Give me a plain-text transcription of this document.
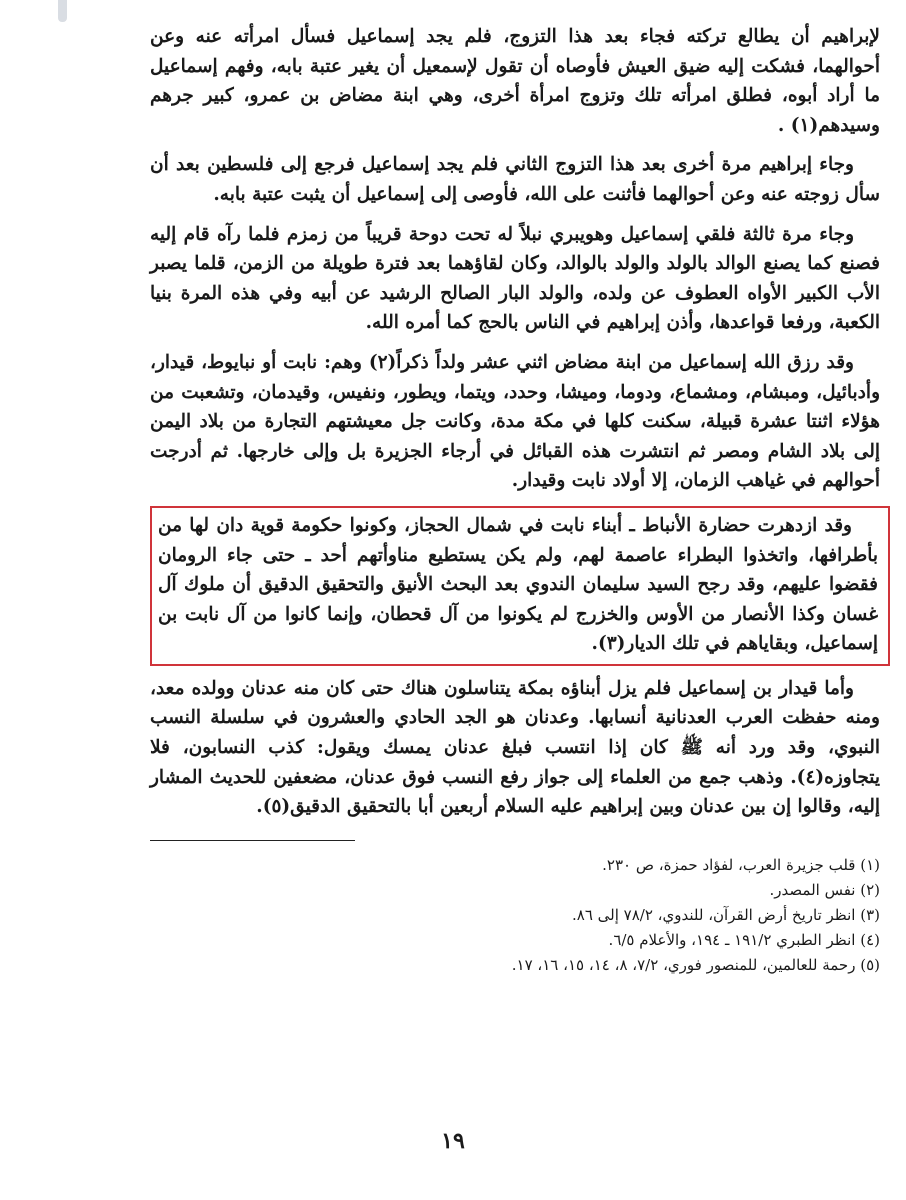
لإبراهيم أن يطالع تركته فجاء بعد هذا التزوج، فلم يجد إسماعيل فسأل امرأته عنه وعن أحوالهما، فشكت إليه ضيق العيش فأوصاه أن تقول لإسمعيل أن يغير عتبة بابه، وفهم إسماعيل ما أراد أبوه، فطلق امرأته تلك وتزوج امرأة أخرى، وهي ابنة مضاض بن عمرو، كبير جرهم وسيدهم(١) .

وجاء إبراهيم مرة أخرى بعد هذا التزوج الثاني فلم يجد إسماعيل فرجع إلى فلسطين بعد أن سأل زوجته عنه وعن أحوالهما فأثنت على الله، فأوصى إلى إسماعيل أن يثبت عتبة بابه.

وجاء مرة ثالثة فلقي إسماعيل وهويبري نبلاً له تحت دوحة قريباً من زمزم فلما رآه قام إليه فصنع كما يصنع الوالد بالولد والولد بالوالد، وكان لقاؤهما بعد فترة طويلة من الزمن، قلما يصبر الأب الكبير الأواه العطوف عن ولده، والولد البار الصالح الرشيد عن أبيه وفي هذه المرة بنيا الكعبة، ورفعا قواعدها، وأذن إبراهيم في الناس بالحج كما أمره الله.

وقد رزق الله إسماعيل من ابنة مضاض اثني عشر ولداً ذكراً(٢) وهم: نابت أو نبايوط، قيدار، وأدبائيل، ومبشام، ومشماع، ودوما، وميشا، وحدد، ويتما، ويطور، ونفيس، وقيدمان، وتشعبت من هؤلاء اثنتا عشرة قبيلة، سكنت كلها في مكة مدة، وكانت جل معيشتهم التجارة من بلاد اليمن إلى بلاد الشام ومصر ثم انتشرت هذه القبائل في أرجاء الجزيرة بل وإلى خارجها. ثم أدرجت أحوالهم في غياهب الزمان، إلا أولاد نابت وقيدار.

وقد ازدهرت حضارة الأنباط ـ أبناء نابت في شمال الحجاز، وكونوا حكومة قوية دان لها من بأطرافها، واتخذوا البطراء عاصمة لهم، ولم يكن يستطيع مناوأتهم أحد ـ حتى جاء الرومان فقضوا عليهم، وقد رجح السيد سليمان الندوي بعد البحث الأنيق والتحقيق الدقيق أن ملوك آل غسان وكذا الأنصار من الأوس والخزرج لم يكونوا من آل قحطان، وإنما كانوا من آل نابت بن إسماعيل، وبقاياهم في تلك الديار(٣).

وأما قيدار بن إسماعيل فلم يزل أبناؤه بمكة يتناسلون هناك حتى كان منه عدنان وولده معد، ومنه حفظت العرب العدنانية أنسابها. وعدنان هو الجد الحادي والعشرون في سلسلة النسب النبوي، وقد ورد أنه ﷺ كان إذا انتسب فبلغ عدنان يمسك ويقول: كذب النسابون، فلا يتجاوزه(٤). وذهب جمع من العلماء إلى جواز رفع النسب فوق عدنان، مضعفين للحديث المشار إليه، وقالوا إن بين عدنان وبين إبراهيم عليه السلام أربعين أبا بالتحقيق الدقيق(٥).

(١) قلب جزيرة العرب، لفؤاد حمزة، ص ٢٣٠.
(٢) نفس المصدر.
(٣) انظر تاريخ أرض القرآن، للندوي، ٧٨/٢ إلى ٨٦.
(٤) انظر الطبري ١٩١/٢ ـ ١٩٤، والأعلام ٦/٥.
(٥) رحمة للعالمين، للمنصور فوري، ٧/٢، ٨، ١٤، ١٥، ١٦، ١٧.
١٩
